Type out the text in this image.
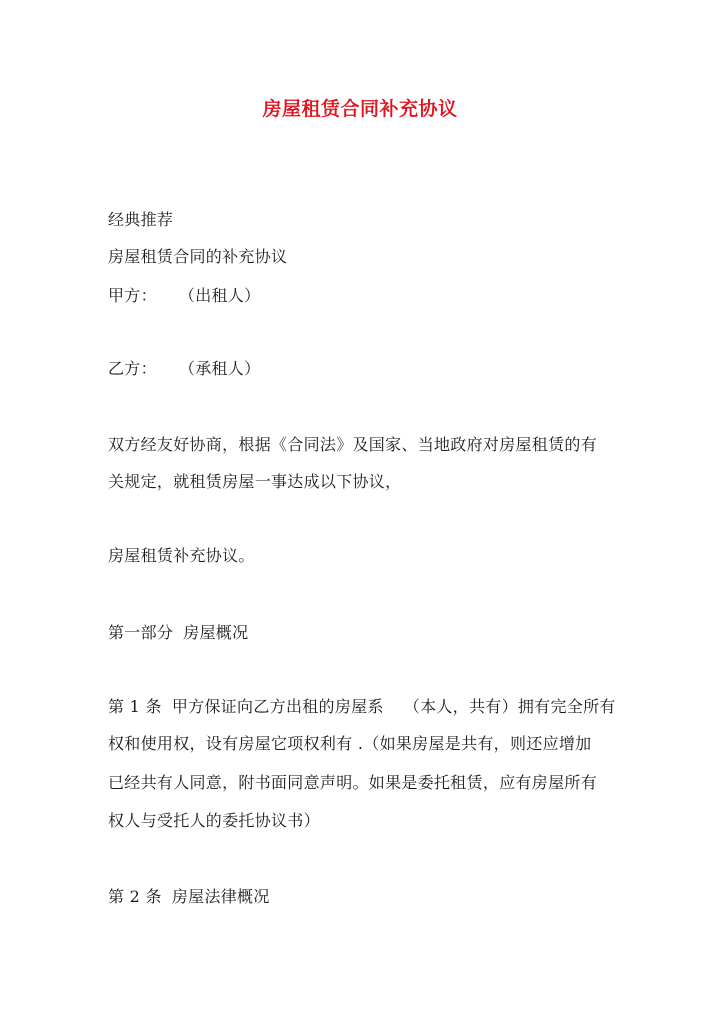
房屋租赁合同补充协议
经典推荐
房屋租赁合同的补充协议
甲方： （出租人）
乙方： （承租人）
双方经友好协商，根据《合同法》及国家、当地政府对房屋租赁的有
关规定，就租赁房屋一事达成以下协议，
房屋租赁补充协议。
第一部分 房屋概况
第 1 条 甲方保证向乙方出租的房屋系 （本人，共有）拥有完全所有
权和使用权，设有房屋它项权利有 .（如果房屋是共有，则还应增加
已经共有人同意，附书面同意声明。如果是委托租赁，应有房屋所有
权人与受托人的委托协议书）
第 2 条 房屋法律概况
